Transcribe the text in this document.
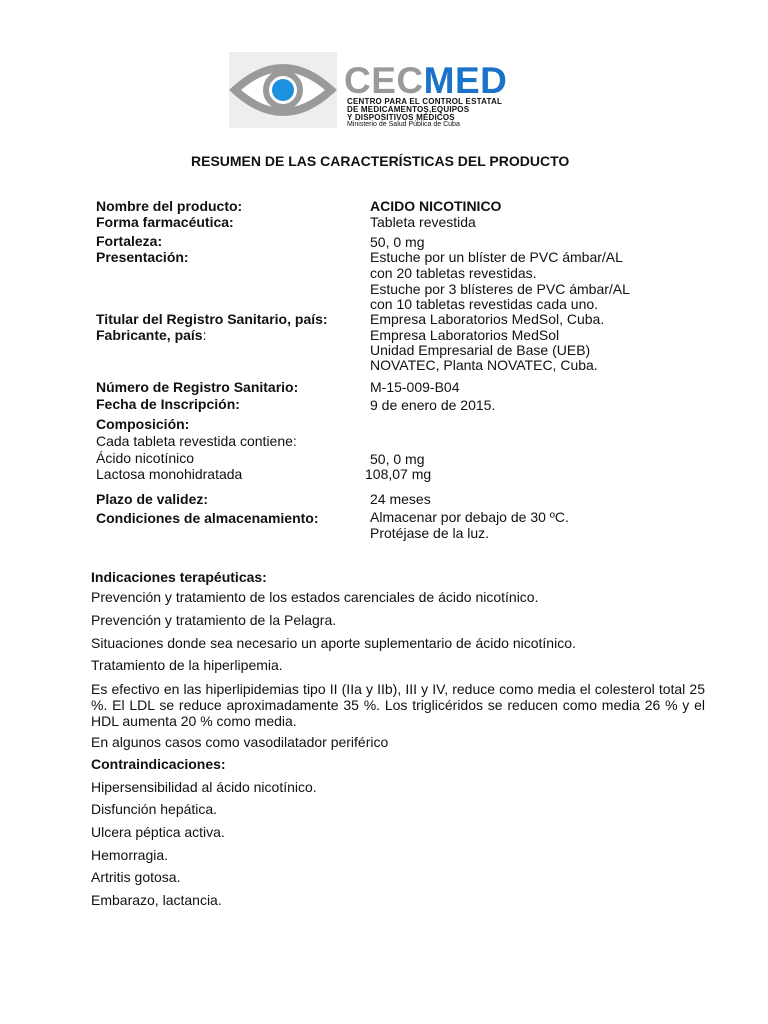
CECMED
CENTRO PARA EL CONTROL ESTATAL
DE MEDICAMENTOS,EQUIPOS
Y DISPOSITIVOS MÉDICOS
Ministerio de Salud Pública de Cuba
RESUMEN DE LAS CARACTERÍSTICAS DEL PRODUCTO
Nombre del producto:
Forma farmacéutica:
Fortaleza:
Presentación:
Titular del Registro Sanitario, país:
Fabricante, país:
Número de Registro Sanitario:
Fecha de Inscripción:
Composición:
Cada tableta revestida contiene:
Ácido nicotínico
Lactosa monohidratada
Plazo de validez:
Condiciones de almacenamiento:
ACIDO NICOTINICO
Tableta revestida
50, 0 mg
Estuche por un blíster de PVC ámbar/AL
con 20 tabletas revestidas.
Estuche por 3 blísteres de PVC ámbar/AL
con 10 tabletas revestidas cada uno.
Empresa Laboratorios MedSol, Cuba.
Empresa Laboratorios MedSol
Unidad Empresarial de Base (UEB)
NOVATEC, Planta NOVATEC, Cuba.
M-15-009-B04
9 de enero de 2015.
50, 0 mg
108,07 mg
24 meses
Almacenar por debajo de 30 ºC.
Protéjase de la luz.
Indicaciones terapéuticas:
Prevención y tratamiento de los estados carenciales de ácido nicotínico.
Prevención y tratamiento de la Pelagra.
Situaciones donde sea necesario un aporte suplementario de ácido nicotínico.
Tratamiento de la hiperlipemia.
Es efectivo en las hiperlipidemias tipo II (IIa y IIb), III y IV, reduce como media el colesterol total 25 %. El LDL se reduce aproximadamente 35 %. Los triglicéridos se reducen como media 26 % y el HDL aumenta 20 % como media.
En algunos casos como vasodilatador periférico
Contraindicaciones:
Hipersensibilidad al ácido nicotínico.
Disfunción hepática.
Ulcera péptica activa.
Hemorragia.
Artritis gotosa.
Embarazo, lactancia.
